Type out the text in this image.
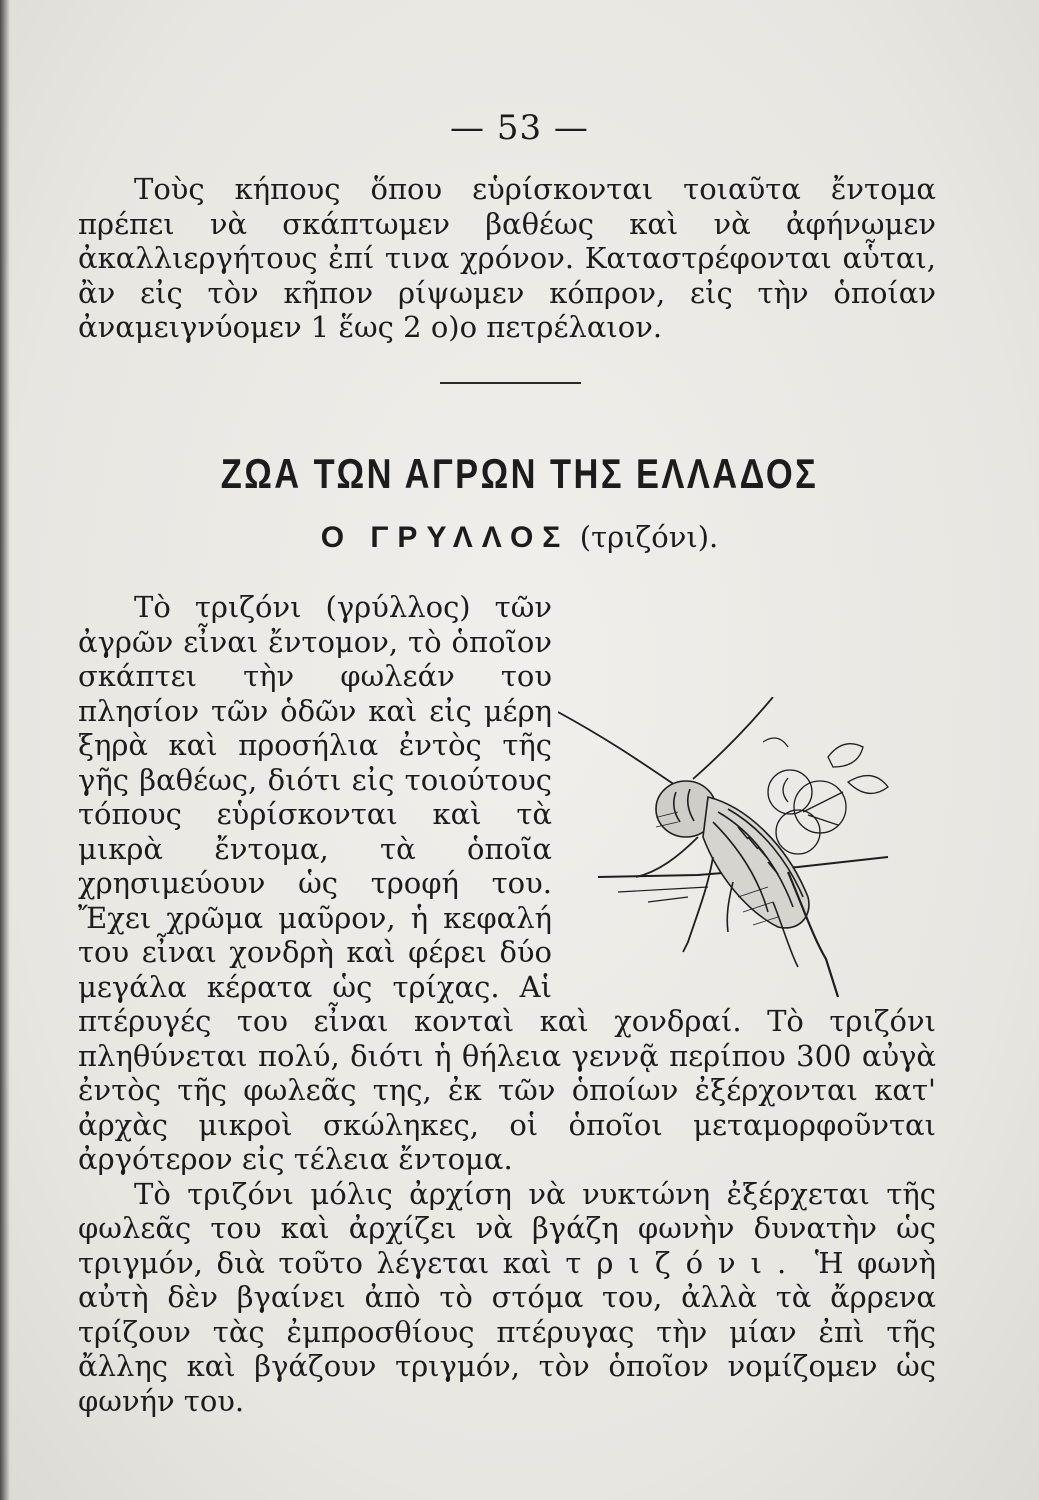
— 53 —
Τοὺς κήπους ὅπου εὑρίσκονται τοιαῦτα ἔντομα πρέπει νὰ σκάπτωμεν βαθέως καὶ νὰ ἀφήνωμεν ἀκαλλιεργήτους ἐπί τινα χρόνον. Καταστρέφονται αὗται, ἂν εἰς τὸν κῆπον ρίψωμεν κόπρον, εἰς τὴν ὁποίαν ἀναμειγνύομεν 1 ἕως 2 ο)ο πετρέλαιον.
ΖΩΑ ΤΩΝ ΑΓΡΩΝ ΤΗΣ ΕΛΛΑΔΟΣ
Ο ΓΡΥΛΛΟΣ (τριζόνι).
Τὸ τριζόνι (γρύλλος) τῶν ἀγρῶν εἶναι ἔντομον, τὸ ὁποῖον σκάπτει τὴν φωλεάν του πλησίον τῶν ὁδῶν καὶ εἰς μέρη ξηρὰ καὶ προσήλια ἐντὸς τῆς γῆς βαθέως, διότι εἰς τοιούτους τόπους εὑρίσκονται καὶ τὰ μικρὰ ἔντομα, τὰ ὁποῖα χρησιμεύουν ὡς τροφή του. Ἔχει χρῶμα μαῦρον, ἡ κεφαλή του εἶναι χονδρὴ καὶ φέρει δύο μεγάλα κέρατα ὡς τρίχας. Αἱ πτέρυγές του εἶναι κονταὶ καὶ χονδραί. Τὸ τριζόνι πληθύνεται πολύ, διότι ἡ θήλεια γεννᾷ περίπου 300 αὐγὰ ἐντὸς τῆς φωλεᾶς της, ἐκ τῶν ὁποίων ἐξέρχονται κατ' ἀρχὰς μικροὶ σκώληκες, οἱ ὁποῖοι μεταμορφοῦνται ἀργότερον εἰς τέλεια ἔντομα.
Τὸ τριζόνι μόλις ἀρχίση νὰ νυκτώνη ἐξέρχεται τῆς φωλεᾶς του καὶ ἀρχίζει νὰ βγάζη φωνὴν δυνατὴν ὡς τριγμόν, διὰ τοῦτο λέγεται καὶ τριζόνι. Ἡ φωνὴ αὐτὴ δὲν βγαίνει ἀπὸ τὸ στόμα του, ἀλλὰ τὰ ἄρρενα τρίζουν τὰς ἐμπροσθίους πτέρυγας τὴν μίαν ἐπὶ τῆς ἄλλης καὶ βγάζουν τριγμόν, τὸν ὁποῖον νομίζομεν ὡς φωνήν του.
